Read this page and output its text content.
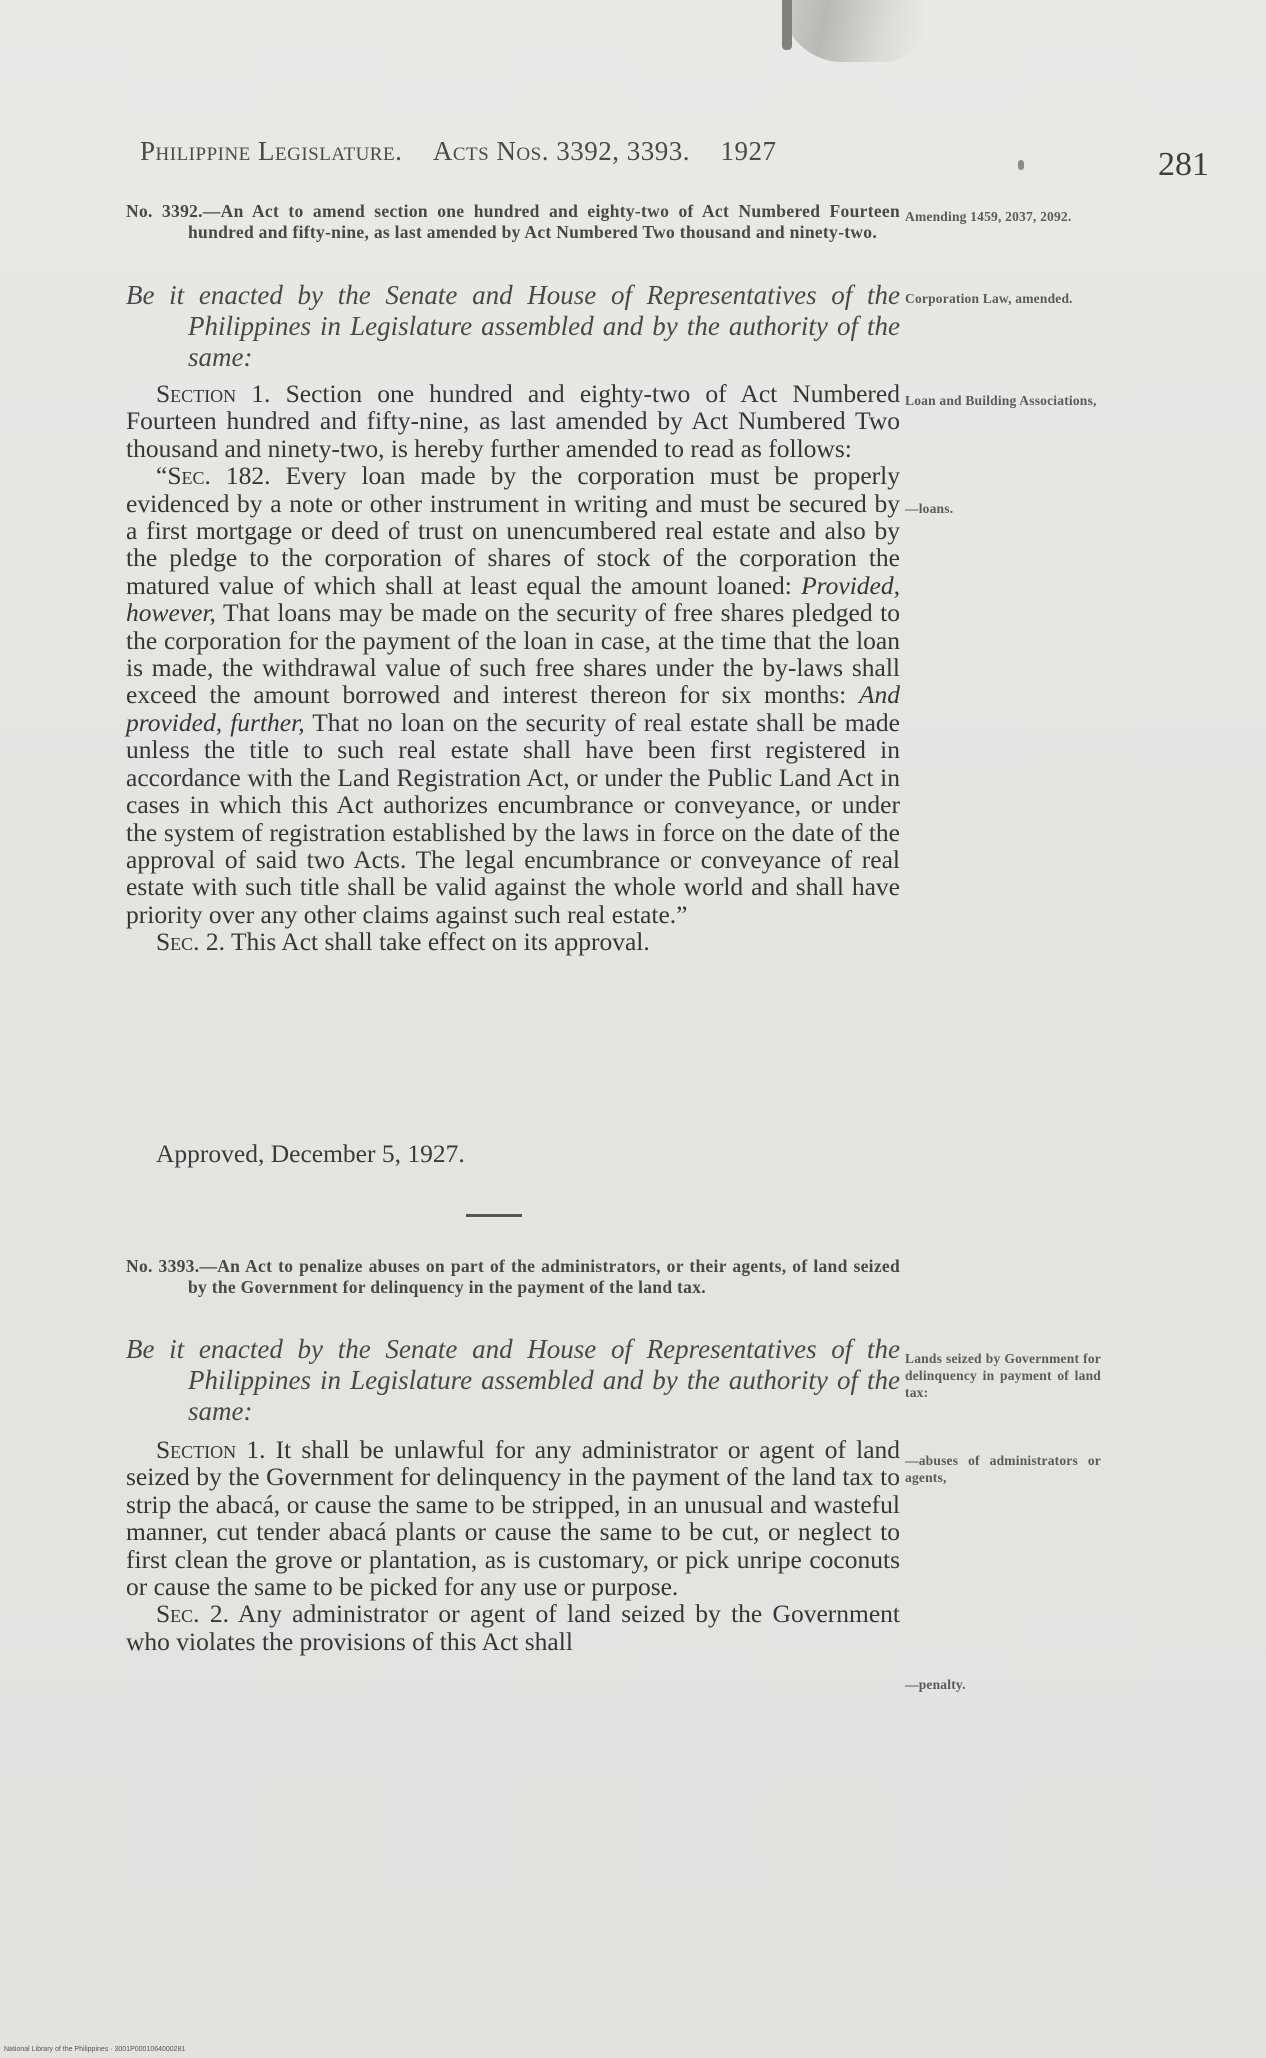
Philippine Legislature. Acts Nos. 3392, 3393. 1927	281
No. 3392.—An Act to amend section one hundred and eighty-two of Act Numbered Fourteen hundred and fifty-nine, as last amended by Act Numbered Two thousand and ninety-two.
Be it enacted by the Senate and House of Representatives of the Philippines in Legislature assembled and by the authority of the same:

Section 1. Section one hundred and eighty-two of Act Numbered Fourteen hundred and fifty-nine, as last amended by Act Numbered Two thousand and ninety-two, is hereby further amended to read as follows:

“Sec. 182. Every loan made by the corporation must be properly evidenced by a note or other instrument in writing and must be secured by a first mortgage or deed of trust on unencumbered real estate and also by the pledge to the corporation of shares of stock of the corporation the matured value of which shall at least equal the amount loaned: Provided, however, That loans may be made on the security of free shares pledged to the corporation for the payment of the loan in case, at the time that the loan is made, the withdrawal value of such free shares under the by-laws shall exceed the amount borrowed and interest thereon for six months: And provided, further, That no loan on the security of real estate shall be made unless the title to such real estate shall have been first registered in accordance with the Land Registration Act, or under the Public Land Act in cases in which this Act authorizes encumbrance or conveyance, or under the system of registration established by the laws in force on the date of the approval of said two Acts. The legal encumbrance or conveyance of real estate with such title shall be valid against the whole world and shall have priority over any other claims against such real estate.”

Sec. 2. This Act shall take effect on its approval.

Approved, December 5, 1927.
No. 3393.—An Act to penalize abuses on part of the administrators, or their agents, of land seized by the Government for delinquency in the payment of the land tax.
Be it enacted by the Senate and House of Representatives of the Philippines in Legislature assembled and by the authority of the same:

Section 1. It shall be unlawful for any administrator or agent of land seized by the Government for delinquency in the payment of the land tax to strip the abacá, or cause the same to be stripped, in an unusual and wasteful manner, cut tender abacá plants or cause the same to be cut, or neglect to first clean the grove or plantation, as is customary, or pick unripe coconuts or cause the same to be picked for any use or purpose.

Sec. 2. Any administrator or agent of land seized by the Government who violates the provisions of this Act shall

Amending 1459, 2037, 2092.
Corporation Law, amended.
Loan and Building Associations,
—loans.
Lands seized by Government for delinquency in payment of land tax:
—abuses of administrators or agents,
—penalty.
National Library of the Philippines · 3001P0001064000281
